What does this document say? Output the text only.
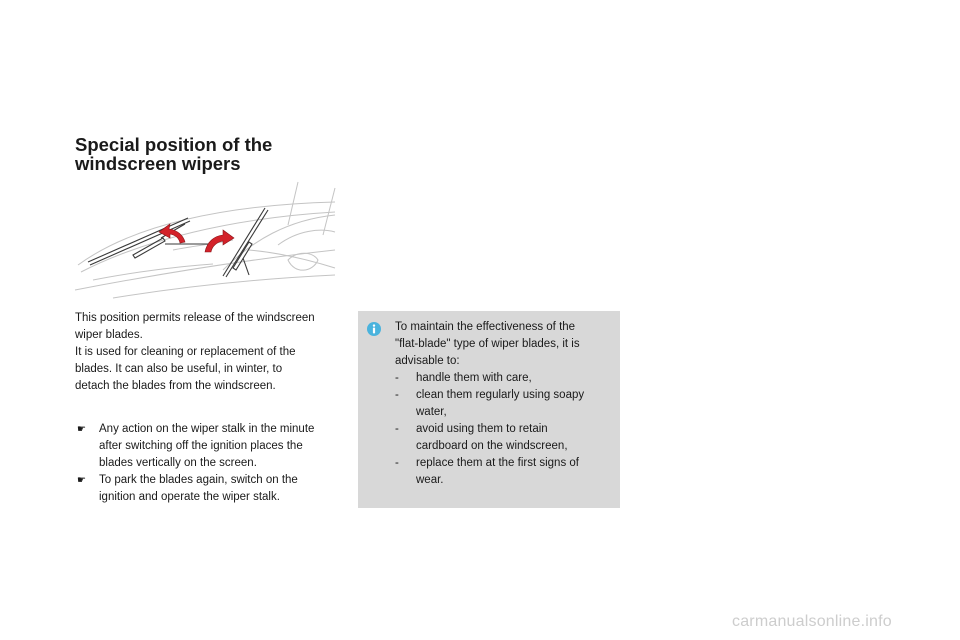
Special position of the
windscreen wipers
This position permits release of the windscreen
wiper blades.
It is used for cleaning or replacement of the
blades. It can also be useful, in winter, to
detach the blades from the windscreen.
☛ Any action on the wiper stalk in the minute
after switching off the ignition places the
blades vertically on the screen.
☛ To park the blades again, switch on the
ignition and operate the wiper stalk.
To maintain the effectiveness of the
"flat-blade" type of wiper blades, it is
advisable to:
- handle them with care,
- clean them regularly using soapy
water,
- avoid using them to retain
cardboard on the windscreen,
- replace them at the first signs of
wear.
carmanualsonline.info
